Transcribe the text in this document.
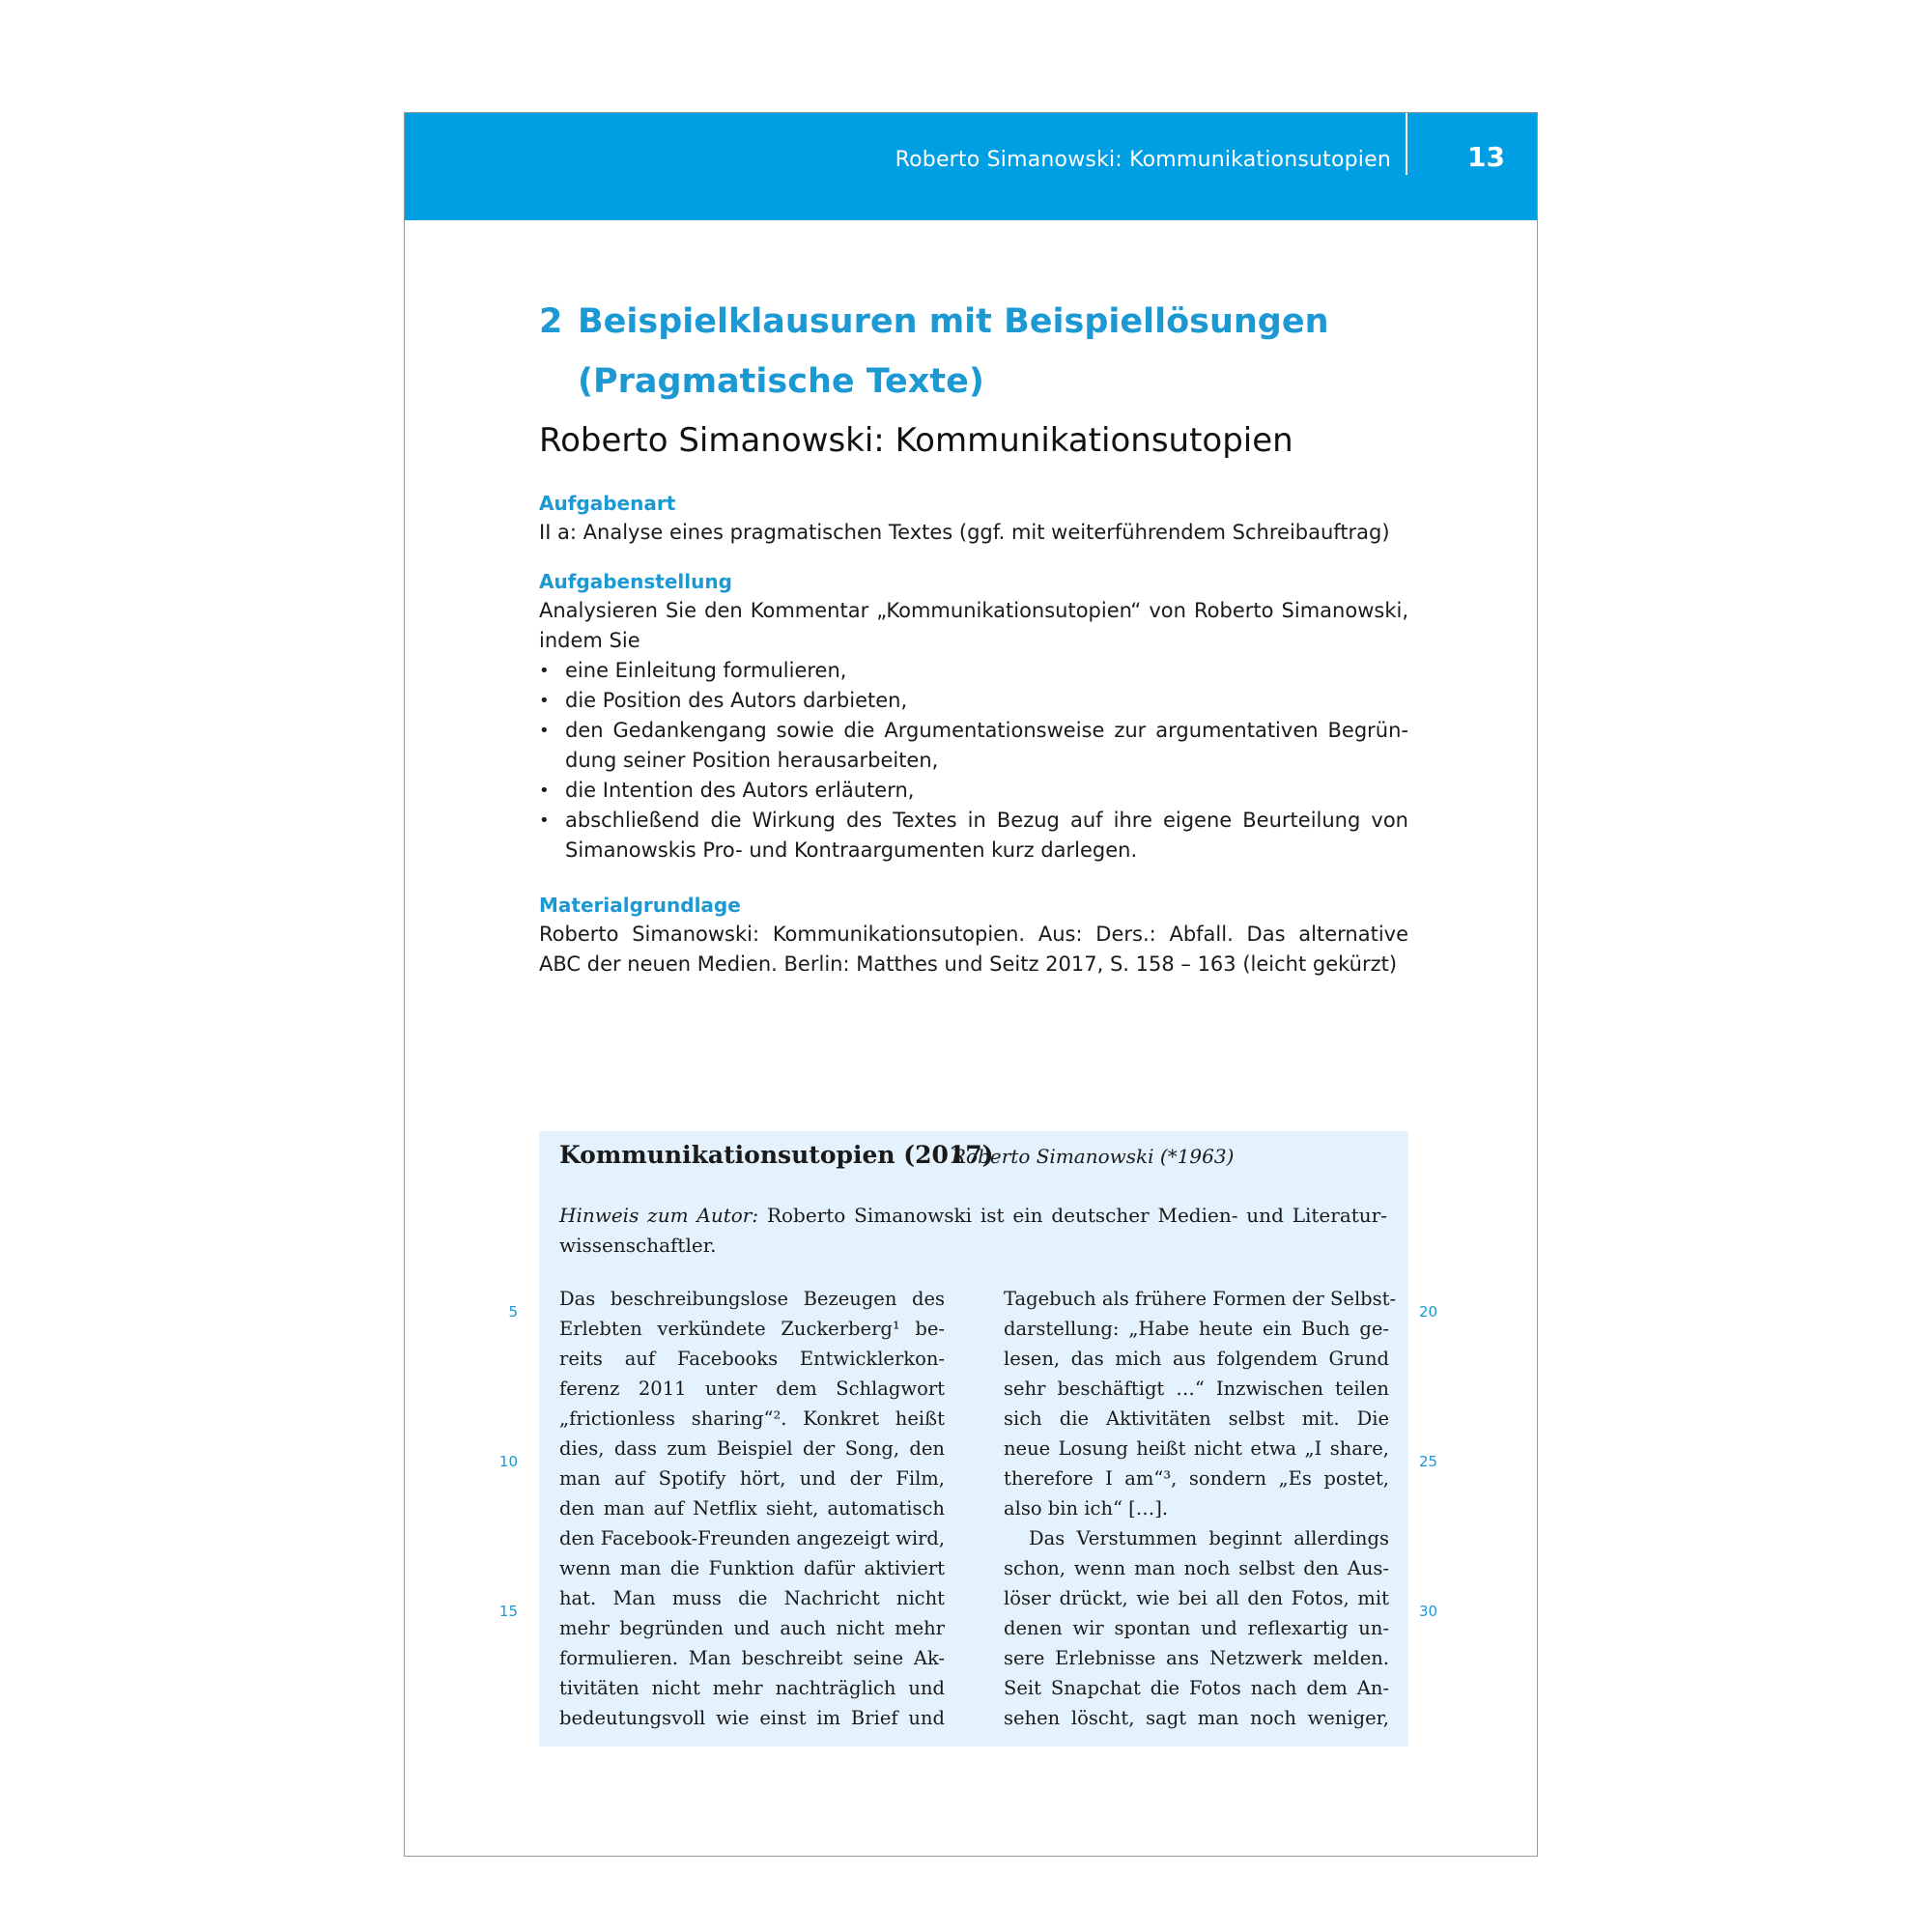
Roberto Simanowski: Kommunikationsutopien	13
2 Beispielklausuren mit Beispiellösungen
(Pragmatische Texte)
Roberto Simanowski: Kommunikationsutopien
Aufgabenart

II a: Analyse eines pragmatischen Textes (ggf. mit weiterführendem Schreibauftrag)

Aufgabenstellung

Analysieren Sie den Kommentar „Kommunikationsutopien“ von Roberto Simanowski, indem Sie

• eine Einleitung formulieren,
• die Position des Autors darbieten,
• den Gedankengang sowie die Argumentationsweise zur argumentativen Begründung seiner Position herausarbeiten,
• die Intention des Autors erläutern,
• abschließend die Wirkung des Textes in Bezug auf ihre eigene Beurteilung von Simanowskis Pro- und Kontraargumenten kurz darlegen.
Materialgrundlage

Roberto Simanowski: Kommunikationsutopien. Aus: Ders.: Abfall. Das alternative ABC der neuen Medien. Berlin: Matthes und Seitz 2017, S. 158 – 163 (leicht gekürzt)

Kommunikationsutopien (2017)
Roberto Simanowski (*1963)
Hinweis zum Autor: Roberto Simanowski ist ein deutscher Medien- und Literaturwissenschaftler.
Das beschreibungslose Bezeugen des
Erlebten verkündete Zuckerberg¹ be-
reits auf Facebooks Entwicklerkon-
ferenz 2011 unter dem Schlagwort
„frictionless sharing“². Konkret heißt
dies, dass zum Beispiel der Song, den
man auf Spotify hört, und der Film,
den man auf Netflix sieht, automatisch
den Facebook-Freunden angezeigt wird,
wenn man die Funktion dafür aktiviert
hat. Man muss die Nachricht nicht
mehr begründen und auch nicht mehr
formulieren. Man beschreibt seine Ak-
tivitäten nicht mehr nachträglich und
bedeutungsvoll wie einst im Brief und
Tagebuch als frühere Formen der Selbst-
darstellung: „Habe heute ein Buch ge-
lesen, das mich aus folgendem Grund
sehr beschäftigt …“ Inzwischen teilen
sich die Aktivitäten selbst mit. Die
neue Losung heißt nicht etwa „I share,
therefore I am“³, sondern „Es postet,
also bin ich“ […].
Das Verstummen beginnt allerdings
schon, wenn man noch selbst den Aus-
löser drückt, wie bei all den Fotos, mit
denen wir spontan und reflexartig un-
sere Erlebnisse ans Netzwerk melden.
Seit Snapchat die Fotos nach dem An-
sehen löscht, sagt man noch weniger,
5
10
15
20
25
30
